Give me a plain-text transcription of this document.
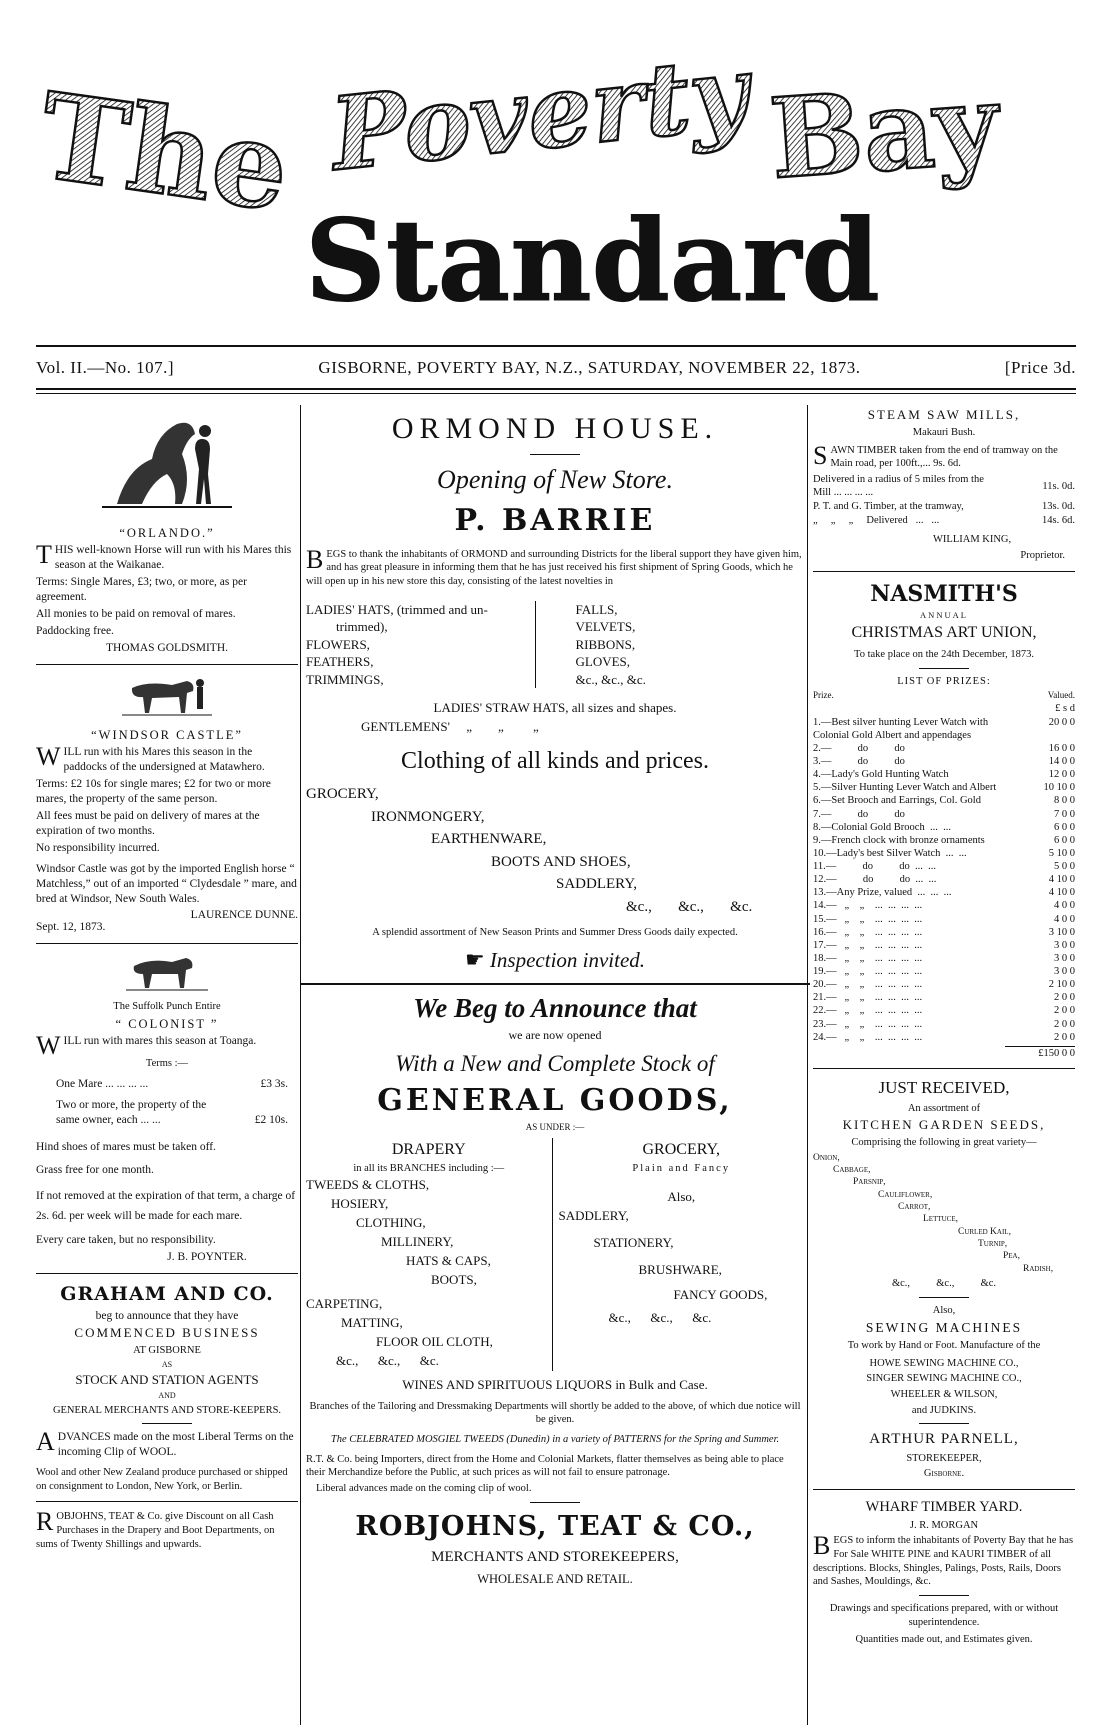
The Poverty Bay
Standard
Vol. II.—No. 107.]	GISBORNE, POVERTY BAY, N.Z., SATURDAY, NOVEMBER 22, 1873.	[Price 3d.

“ORLANDO.”

THIS well-known Horse will run with his Mares this season at the Waikanae.

Terms: Single Mares, £3; two, or more, as per agreement.

All monies to be paid on removal of mares.

Paddocking free.

THOMAS GOLDSMITH.

“WINDSOR CASTLE”

WILL run with his Mares this season in the paddocks of the undersigned at Matawhero.

Terms: £2 10s for single mares; £2 for two or more mares, the property of the same person.

All fees must be paid on delivery of mares at the expiration of two months.

No responsibility incurred.

Windsor Castle was got by the imported English horse “ Matchless,” out of an imported “ Clydesdale ” mare, and bred at Windsor, New South Wales.

Sept. 12, 1873.
LAURENCE DUNNE.

The Suffolk Punch Entire

“ COLONIST ”

WILL run with mares this season at Toanga.

Terms :—

One Mare ... ... ... ...	£3 3s.
Two or more, the property of the same owner, each ... ...	£2 10s.

Hind shoes of mares must be taken off.

Grass free for one month.

If not removed at the expiration of that term, a charge of 2s. 6d. per week will be made for each mare.

Every care taken, but no responsibility.

J. B. POYNTER.

GRAHAM AND CO.

beg to announce that they have

COMMENCED BUSINESS

AT GISBORNE

AS

STOCK AND STATION AGENTS

AND

GENERAL MERCHANTS AND STORE-KEEPERS.

ADVANCES made on the most Liberal Terms on the incoming Clip of WOOL.

Wool and other New Zealand produce purchased or shipped on consignment to London, New York, or Berlin.

ROBJOHNS, TEAT & Co. give Discount on all Cash Purchases in the Drapery and Boot Departments, on sums of Twenty Shillings and upwards.

ORMOND HOUSE.

Opening of New Store.

P. BARRIE

BEGS to thank the inhabitants of ORMOND and surrounding Districts for the liberal support they have given him, and has great pleasure in informing them that he has just received his first shipment of Spring Goods, which he will open up in his new store this day, consisting of the latest novelties in

LADIES' HATS, (trimmed and un-
trimmed),
FLOWERS,
FEATHERS,
TRIMMINGS,
FALLS,
VELVETS,
RIBBONS,
GLOVES,
&c., &c., &c.

LADIES' STRAW HATS, all sizes and shapes.

GENTLEMENS'     „        „         „

Clothing of all kinds and prices.

GROCERY,
IRONMONGERY,
EARTHENWARE,
BOOTS AND SHOES,
SADDLERY,
&c.,       &c.,       &c.

A splendid assortment of New Season Prints and Summer Dress Goods daily expected.

☛ Inspection invited.

We Beg to Announce that

we are now opened

With a New and Complete Stock of

GENERAL GOODS,

AS UNDER :—

DRAPERY
in all its BRANCHES including :—
TWEEDS & CLOTHS,
HOSIERY,
CLOTHING,
MILLINERY,
HATS & CAPS,
BOOTS,
CARPETING,
MATTING,
FLOOR OIL CLOTH,
&c.,      &c.,      &c.
GROCERY,
Plain and Fancy
Also,
SADDLERY,
STATIONERY,
BRUSHWARE,
FANCY GOODS,
&c.,      &c.,      &c.

WINES AND SPIRITUOUS LIQUORS in Bulk and Case.

Branches of the Tailoring and Dressmaking Departments will shortly be added to the above, of which due notice will be given.

The CELEBRATED MOSGIEL TWEEDS (Dunedin) in a variety of PATTERNS for the Spring and Summer.

R.T. & Co. being Importers, direct from the Home and Colonial Markets, flatter themselves as being able to place their Merchandize before the Public, at such prices as will not fail to ensure patronage.

Liberal advances made on the coming clip of wool.

ROBJOHNS, TEAT & CO.,

MERCHANTS AND STOREKEEPERS,

WHOLESALE AND RETAIL.

STEAM SAW MILLS,

Makauri Bush.

SAWN TIMBER taken from the end of tramway on the Main road, per 100ft.,... 9s. 6d.

Delivered in a radius of 5 miles from the Mill ... ... ... ...
11s. 0d.
P. T. and G. Timber, at the tramway,	13s. 0d.
„     „     „     Delivered   ...   ...	14s. 6d.

WILLIAM KING,

Proprietor.

NASMITH'S

ANNUAL

CHRISTMAS ART UNION,

To take place on the 24th December, 1873.

LIST OF PRIZES:

Prize.	Valued.
£ s d
1.—Best silver hunting Lever Watch with Colonial Gold Albert and appendages	20 0 0
2.—          do          do	16 0 0
3.—          do          do	14 0 0
4.—Lady's Gold Hunting Watch	12 0 0
5.—Silver Hunting Lever Watch and Albert	10 10 0
6.—Set Brooch and Earrings, Col. Gold	8 0 0
7.—          do          do	7 0 0
8.—Colonial Gold Brooch  ...  ...	6 0 0
9.—French clock with bronze ornaments	6 0 0
10.—Lady's best Silver Watch  ...  ...	5 10 0
11.—          do          do  ...  ...	5 0 0
12.—          do          do  ...  ...	4 10 0
13.—Any Prize, valued  ...  ...  ...	4 10 0
14.—   „    „    ...  ...  ...  ...	4 0 0
15.—   „    „    ...  ...  ...  ...	4 0 0
16.—   „    „    ...  ...  ...  ...	3 10 0
17.—   „    „    ...  ...  ...  ...	3 0 0
18.—   „    „    ...  ...  ...  ...	3 0 0
19.—   „    „    ...  ...  ...  ...	3 0 0
20.—   „    „    ...  ...  ...  ...	2 10 0
21.—   „    „    ...  ...  ...  ...	2 0 0
22.—   „    „    ...  ...  ...  ...	2 0 0
23.—   „    „    ...  ...  ...  ...	2 0 0
24.—   „    „    ...  ...  ...  ...	2 0 0
£150 0 0

JUST RECEIVED,

An assortment of

KITCHEN GARDEN SEEDS,

Comprising the following in great variety—

Onion,
Cabbage,
Parsnip,
Cauliflower,
Carrot,
Lettuce,
Curled Kail,
Turnip,
Pea,
Radish,

&c.,          &c.,          &c.

Also,

SEWING MACHINES

To work by Hand or Foot. Manufacture of the

HOWE SEWING MACHINE CO.,

SINGER SEWING MACHINE CO.,

WHEELER & WILSON,

and JUDKINS.

ARTHUR PARNELL,

STOREKEEPER,

Gisborne.

WHARF TIMBER YARD.

J. R. MORGAN

BEGS to inform the inhabitants of Poverty Bay that he has For Sale WHITE PINE and KAURI TIMBER of all descriptions. Blocks, Shingles, Palings, Posts, Rails, Doors and Sashes, Mouldings, &c.

Drawings and specifications prepared, with or without superintendence.

Quantities made out, and Estimates given.
